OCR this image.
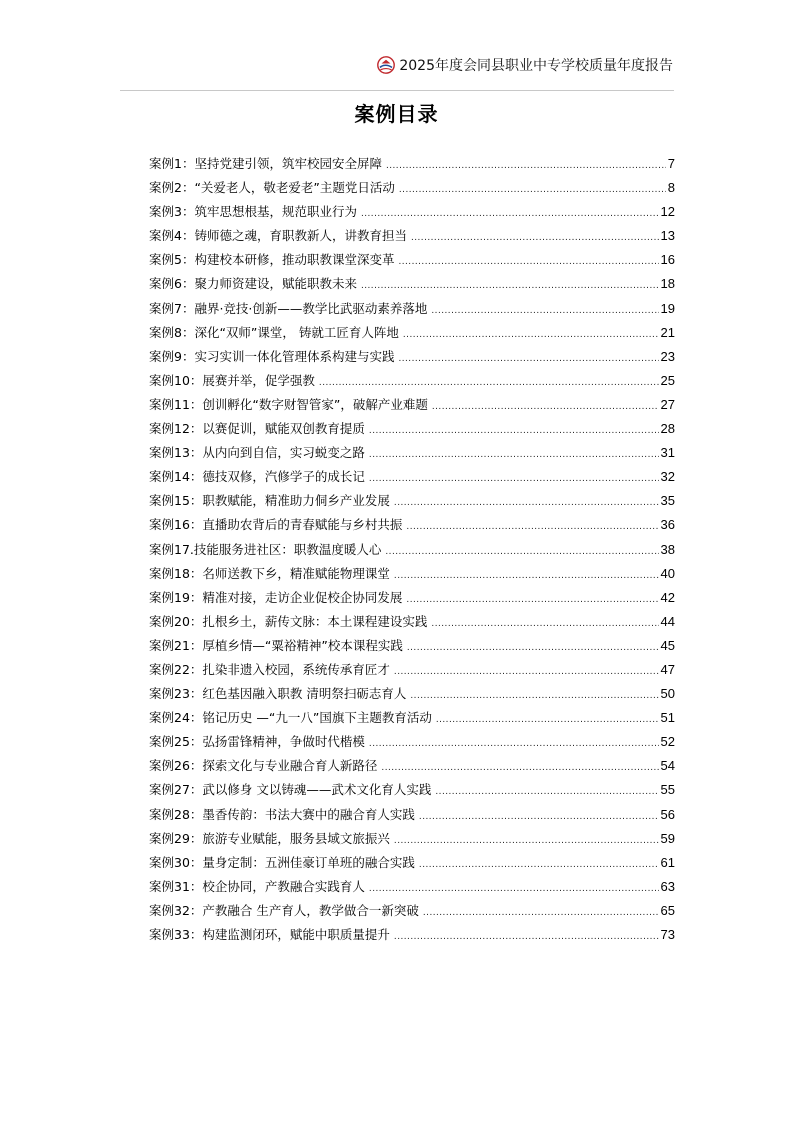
2025年度会同县职业中专学校质量年度报告
案例目录
案例1：坚持党建引领，筑牢校园安全屏障 .....	7
案例2：“关爱老人，敬老爱老”主题党日活动 .....	8
案例3：筑牢思想根基，规范职业行为 .....	12
案例4：铸师德之魂，育职教新人，讲教育担当 .....	13
案例5：构建校本研修，推动职教课堂深变革 .....	16
案例6：聚力师资建设，赋能职教未来 .....	18
案例7：融界·竞技·创新——教学比武驱动素养落地 .....	19
案例8：深化“双师”课堂， 铸就工匠育人阵地 .....	21
案例9：实习实训一体化管理体系构建与实践 .....	23
案例10：展赛并举，促学强教 .....	25
案例11：创训孵化“数字财智管家”，破解产业难题 .....	27
案例12：以赛促训，赋能双创教育提质 .....	28
案例13：从内向到自信，实习蜕变之路 .....	31
案例14：德技双修，汽修学子的成长记 .....	32
案例15：职教赋能，精准助力侗乡产业发展 .....	35
案例16：直播助农背后的青春赋能与乡村共振 .....	36
案例17.技能服务进社区：职教温度暖人心 .....	38
案例18：名师送教下乡，精准赋能物理课堂 .....	40
案例19：精准对接，走访企业促校企协同发展 .....	42
案例20：扎根乡土，薪传文脉：本土课程建设实践 .....	44
案例21：厚植乡情—“粟裕精神”校本课程实践 .....	45
案例22：扎染非遗入校园，系统传承育匠才 .....	47
案例23：红色基因融入职教 清明祭扫砺志育人 .....	50
案例24：铭记历史 —“九一八”国旗下主题教育活动 .....	51
案例25：弘扬雷锋精神，争做时代楷模 .....	52
案例26：探索文化与专业融合育人新路径 .....	54
案例27：武以修身 文以铸魂——武术文化育人实践 .....	55
案例28：墨香传韵：书法大赛中的融合育人实践 .....	56
案例29：旅游专业赋能，服务县域文旅振兴 .....	59
案例30：量身定制：五洲佳豪订单班的融合实践 .....	61
案例31：校企协同，产教融合实践育人 .....	63
案例32：产教融合 生产育人，教学做合一新突破 .....	65
案例33：构建监测闭环，赋能中职质量提升 .....	73
